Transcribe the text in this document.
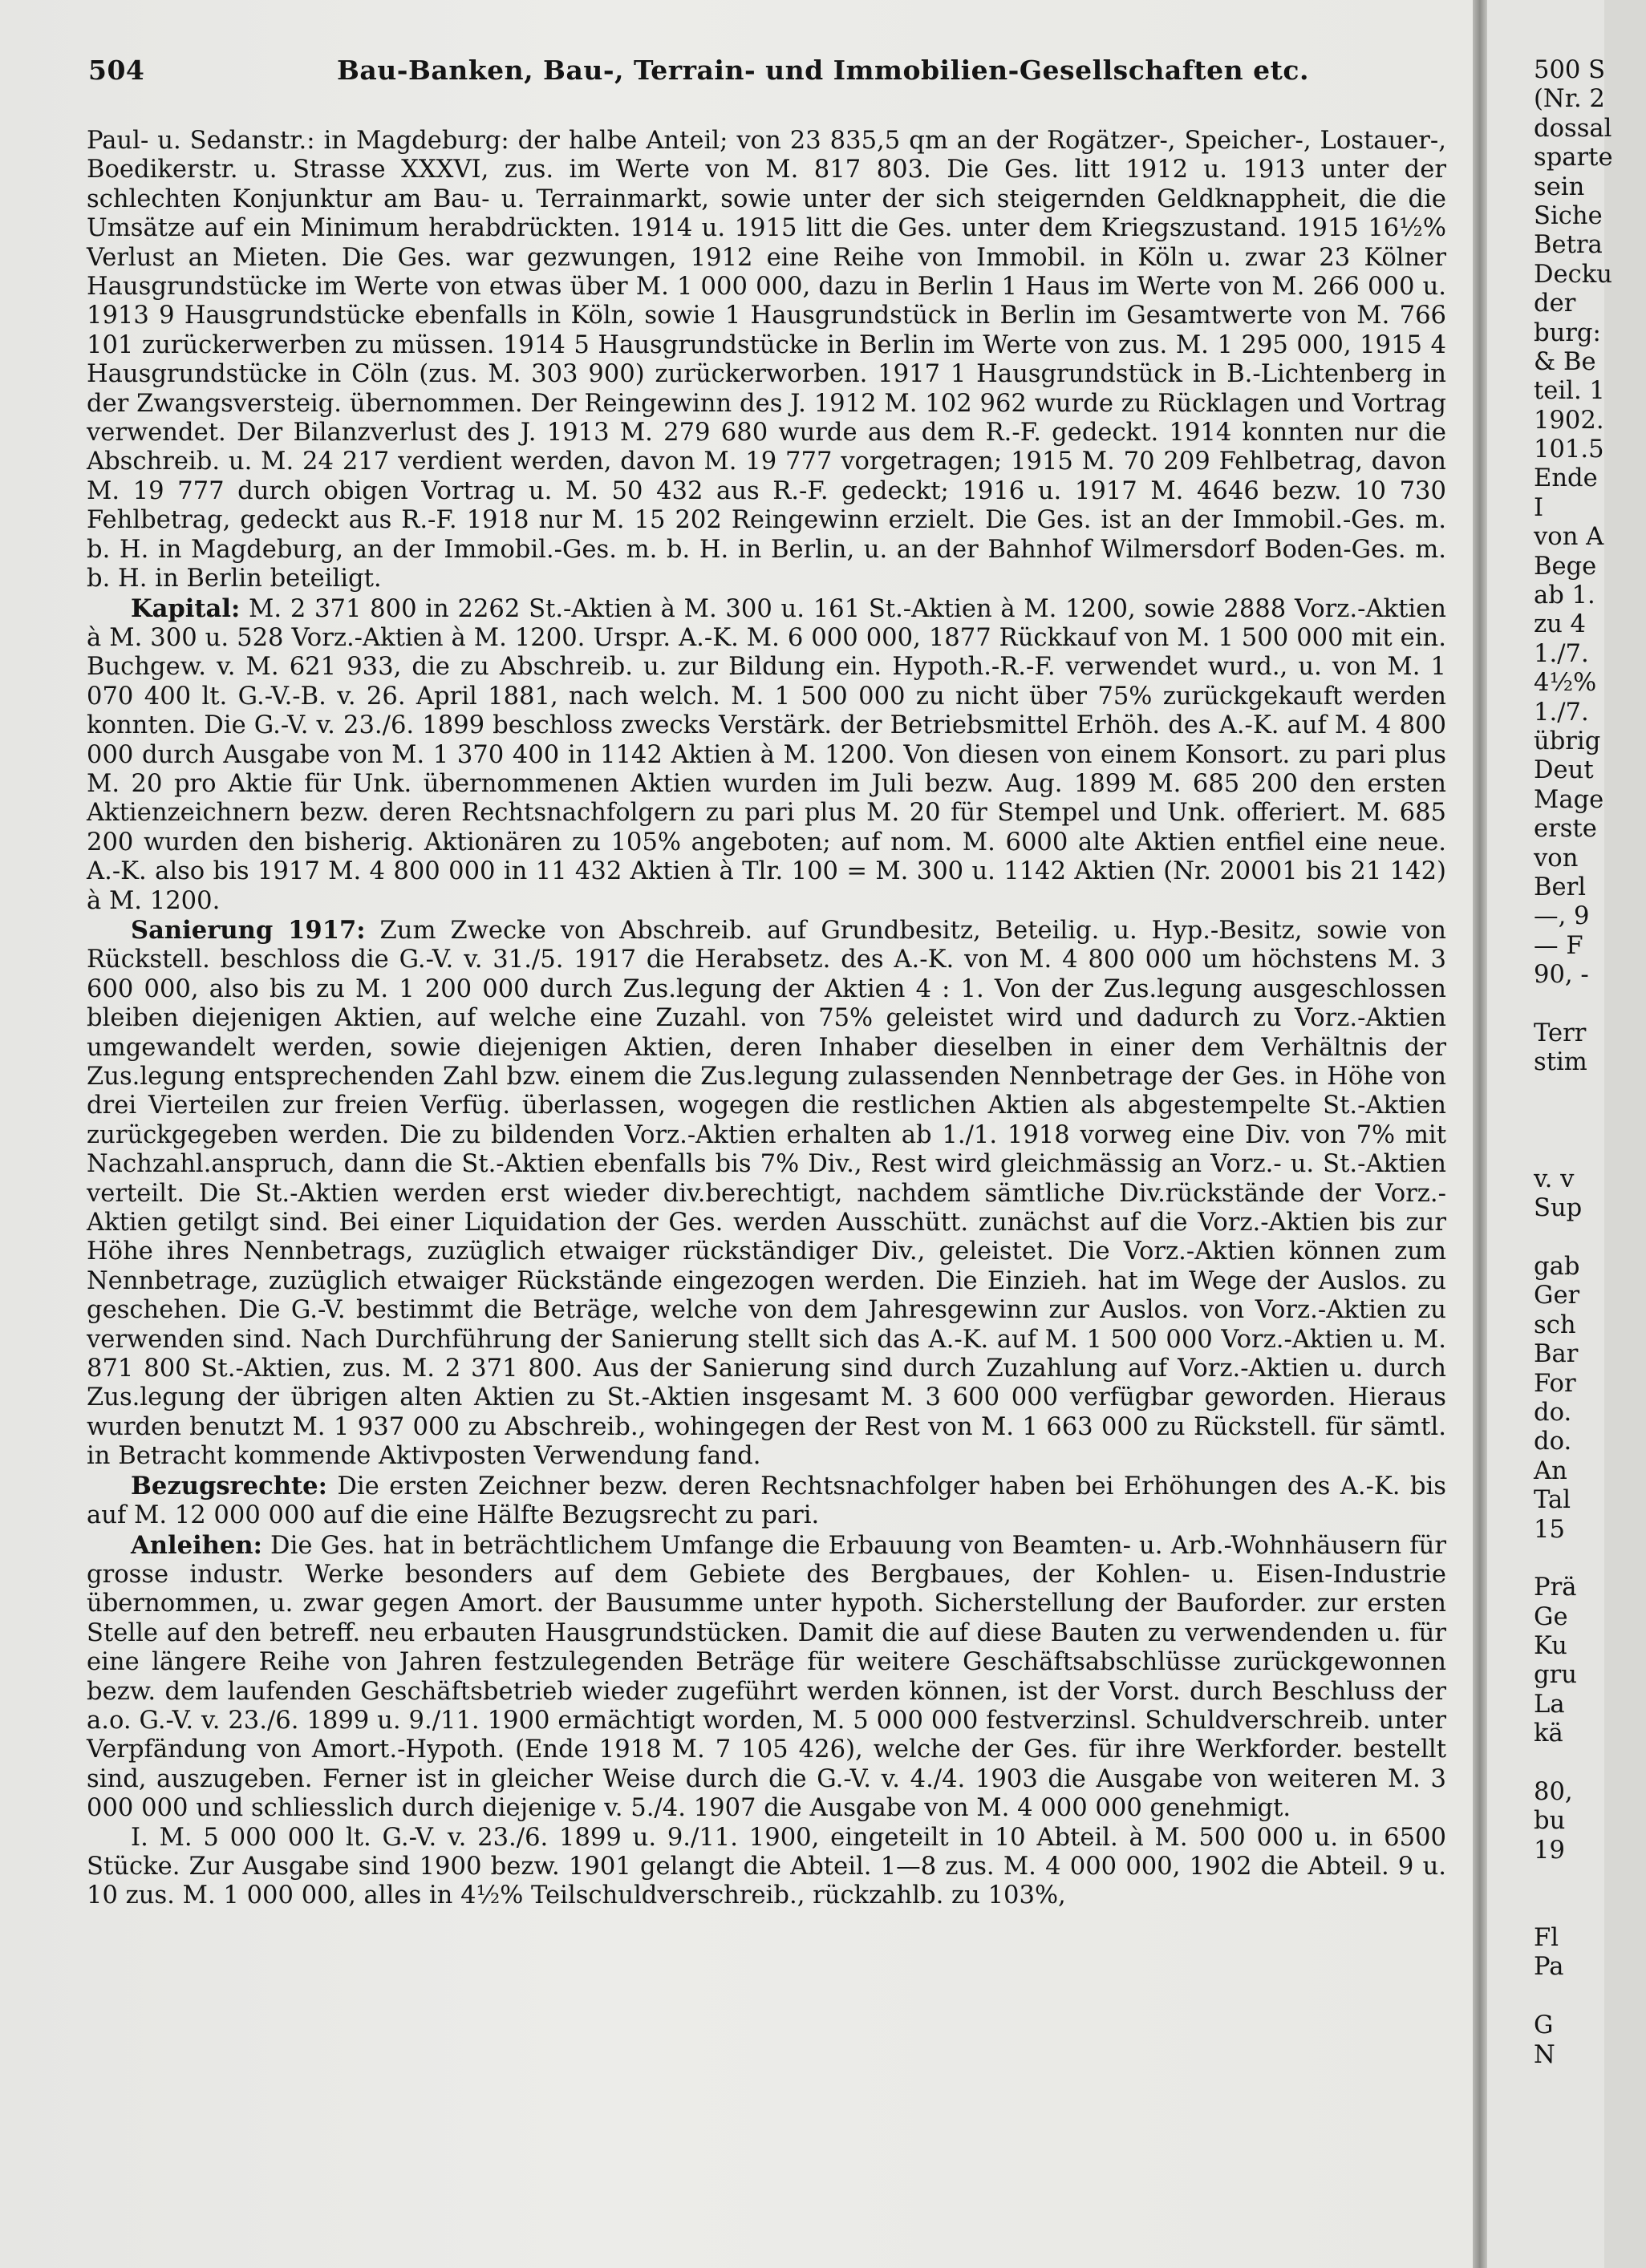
504	Bau-Banken, Bau-, Terrain- und Immobilien-Gesellschaften etc.

Paul- u. Sedanstr.: in Magdeburg: der halbe Anteil; von 23 835,5 qm an der Rogätzer-, Speicher-, Lostauer-, Boedikerstr. u. Strasse XXXVI, zus. im Werte von M. 817 803. Die Ges. litt 1912 u. 1913 unter der schlechten Konjunktur am Bau- u. Terrainmarkt, sowie unter der sich steigernden Geldknappheit, die die Umsätze auf ein Minimum herabdrückten. 1914 u. 1915 litt die Ges. unter dem Kriegszustand. 1915 16½% Verlust an Mieten. Die Ges. war gezwungen, 1912 eine Reihe von Immobil. in Köln u. zwar 23 Kölner Hausgrundstücke im Werte von etwas über M. 1 000 000, dazu in Berlin 1 Haus im Werte von M. 266 000 u. 1913 9 Hausgrundstücke ebenfalls in Köln, sowie 1 Hausgrundstück in Berlin im Gesamtwerte von M. 766 101 zurückerwerben zu müssen. 1914 5 Hausgrundstücke in Berlin im Werte von zus. M. 1 295 000, 1915 4 Hausgrundstücke in Cöln (zus. M. 303 900) zurückerworben. 1917 1 Hausgrundstück in B.-Lichtenberg in der Zwangsversteig. übernommen. Der Reingewinn des J. 1912 M. 102 962 wurde zu Rücklagen und Vortrag verwendet. Der Bilanzverlust des J. 1913 M. 279 680 wurde aus dem R.-F. gedeckt. 1914 konnten nur die Abschreib. u. M. 24 217 verdient werden, davon M. 19 777 vorgetragen; 1915 M. 70 209 Fehlbetrag, davon M. 19 777 durch obigen Vortrag u. M. 50 432 aus R.-F. gedeckt; 1916 u. 1917 M. 4646 bezw. 10 730 Fehlbetrag, gedeckt aus R.-F. 1918 nur M. 15 202 Reingewinn erzielt. Die Ges. ist an der Immobil.-Ges. m. b. H. in Magdeburg, an der Immobil.-Ges. m. b. H. in Berlin, u. an der Bahnhof Wilmersdorf Boden-Ges. m. b. H. in Berlin beteiligt.

Kapital: M. 2 371 800 in 2262 St.-Aktien à M. 300 u. 161 St.-Aktien à M. 1200, sowie 2888 Vorz.-Aktien à M. 300 u. 528 Vorz.-Aktien à M. 1200. Urspr. A.-K. M. 6 000 000, 1877 Rückkauf von M. 1 500 000 mit ein. Buchgew. v. M. 621 933, die zu Abschreib. u. zur Bildung ein. Hypoth.-R.-F. verwendet wurd., u. von M. 1 070 400 lt. G.-V.-B. v. 26. April 1881, nach welch. M. 1 500 000 zu nicht über 75% zurückgekauft werden konnten. Die G.-V. v. 23./6. 1899 beschloss zwecks Verstärk. der Betriebsmittel Erhöh. des A.-K. auf M. 4 800 000 durch Ausgabe von M. 1 370 400 in 1142 Aktien à M. 1200. Von diesen von einem Konsort. zu pari plus M. 20 pro Aktie für Unk. übernommenen Aktien wurden im Juli bezw. Aug. 1899 M. 685 200 den ersten Aktienzeichnern bezw. deren Rechtsnachfolgern zu pari plus M. 20 für Stempel und Unk. offeriert. M. 685 200 wurden den bisherig. Aktionären zu 105% angeboten; auf nom. M. 6000 alte Aktien entfiel eine neue. A.-K. also bis 1917 M. 4 800 000 in 11 432 Aktien à Tlr. 100 = M. 300 u. 1142 Aktien (Nr. 20001 bis 21 142) à M. 1200.

Sanierung 1917: Zum Zwecke von Abschreib. auf Grundbesitz, Beteilig. u. Hyp.-Besitz, sowie von Rückstell. beschloss die G.-V. v. 31./5. 1917 die Herabsetz. des A.-K. von M. 4 800 000 um höchstens M. 3 600 000, also bis zu M. 1 200 000 durch Zus.legung der Aktien 4 : 1. Von der Zus.legung ausgeschlossen bleiben diejenigen Aktien, auf welche eine Zuzahl. von 75% geleistet wird und dadurch zu Vorz.-Aktien umgewandelt werden, sowie diejenigen Aktien, deren Inhaber dieselben in einer dem Verhältnis der Zus.legung entsprechenden Zahl bzw. einem die Zus.legung zulassenden Nennbetrage der Ges. in Höhe von drei Vierteilen zur freien Verfüg. überlassen, wogegen die restlichen Aktien als abgestempelte St.-Aktien zurückgegeben werden. Die zu bildenden Vorz.-Aktien erhalten ab 1./1. 1918 vorweg eine Div. von 7% mit Nachzahl.anspruch, dann die St.-Aktien ebenfalls bis 7% Div., Rest wird gleichmässig an Vorz.- u. St.-Aktien verteilt. Die St.-Aktien werden erst wieder div.berechtigt, nachdem sämtliche Div.rückstände der Vorz.-Aktien getilgt sind. Bei einer Liquidation der Ges. werden Ausschütt. zunächst auf die Vorz.-Aktien bis zur Höhe ihres Nennbetrags, zuzüglich etwaiger rückständiger Div., geleistet. Die Vorz.-Aktien können zum Nennbetrage, zuzüglich etwaiger Rückstände eingezogen werden. Die Einzieh. hat im Wege der Auslos. zu geschehen. Die G.-V. bestimmt die Beträge, welche von dem Jahresgewinn zur Auslos. von Vorz.-Aktien zu verwenden sind. Nach Durchführung der Sanierung stellt sich das A.-K. auf M. 1 500 000 Vorz.-Aktien u. M. 871 800 St.-Aktien, zus. M. 2 371 800. Aus der Sanierung sind durch Zuzahlung auf Vorz.-Aktien u. durch Zus.legung der übrigen alten Aktien zu St.-Aktien insgesamt M. 3 600 000 verfügbar geworden. Hieraus wurden benutzt M. 1 937 000 zu Abschreib., wohingegen der Rest von M. 1 663 000 zu Rückstell. für sämtl. in Betracht kommende Aktivposten Verwendung fand.

Bezugsrechte: Die ersten Zeichner bezw. deren Rechtsnachfolger haben bei Erhöhungen des A.-K. bis auf M. 12 000 000 auf die eine Hälfte Bezugsrecht zu pari.

Anleihen: Die Ges. hat in beträchtlichem Umfange die Erbauung von Beamten- u. Arb.-Wohnhäusern für grosse industr. Werke besonders auf dem Gebiete des Bergbaues, der Kohlen- u. Eisen-Industrie übernommen, u. zwar gegen Amort. der Bausumme unter hypoth. Sicherstellung der Bauforder. zur ersten Stelle auf den betreff. neu erbauten Hausgrundstücken. Damit die auf diese Bauten zu verwendenden u. für eine längere Reihe von Jahren festzulegenden Beträge für weitere Geschäftsabschlüsse zurückgewonnen bezw. dem laufenden Geschäftsbetrieb wieder zugeführt werden können, ist der Vorst. durch Beschluss der a.o. G.-V. v. 23./6. 1899 u. 9./11. 1900 ermächtigt worden, M. 5 000 000 festverzinsl. Schuldverschreib. unter Verpfändung von Amort.-Hypoth. (Ende 1918 M. 7 105 426), welche der Ges. für ihre Werkforder. bestellt sind, auszugeben. Ferner ist in gleicher Weise durch die G.-V. v. 4./4. 1903 die Ausgabe von weiteren M. 3 000 000 und schliesslich durch diejenige v. 5./4. 1907 die Ausgabe von M. 4 000 000 genehmigt.

I. M. 5 000 000 lt. G.-V. v. 23./6. 1899 u. 9./11. 1900, eingeteilt in 10 Abteil. à M. 500 000 u. in 6500 Stücke. Zur Ausgabe sind 1900 bezw. 1901 gelangt die Abteil. 1—8 zus. M. 4 000 000, 1902 die Abteil. 9 u. 10 zus. M. 1 000 000, alles in 4½% Teilschuldverschreib., rückzahlb. zu 103%,

500 S
(Nr. 2
dossal
sparte
sein
Siche
Betra
Decku
der
burg:
& Be
teil. 1
1902.
101.5
Ende
I
von A
Bege
ab 1.
zu 4
1./7.
4½%
1./7.
übrig
Deut
Mage
erste
von
Berl
—, 9
— F
90, -
Terr
stim
v. v
Sup
gab
Ger
sch
Bar
For
do.
do.
An
Tal
15
Prä
Ge
Ku
gru
La
kä
80,
bu
19
Fl
Pa
G
N
